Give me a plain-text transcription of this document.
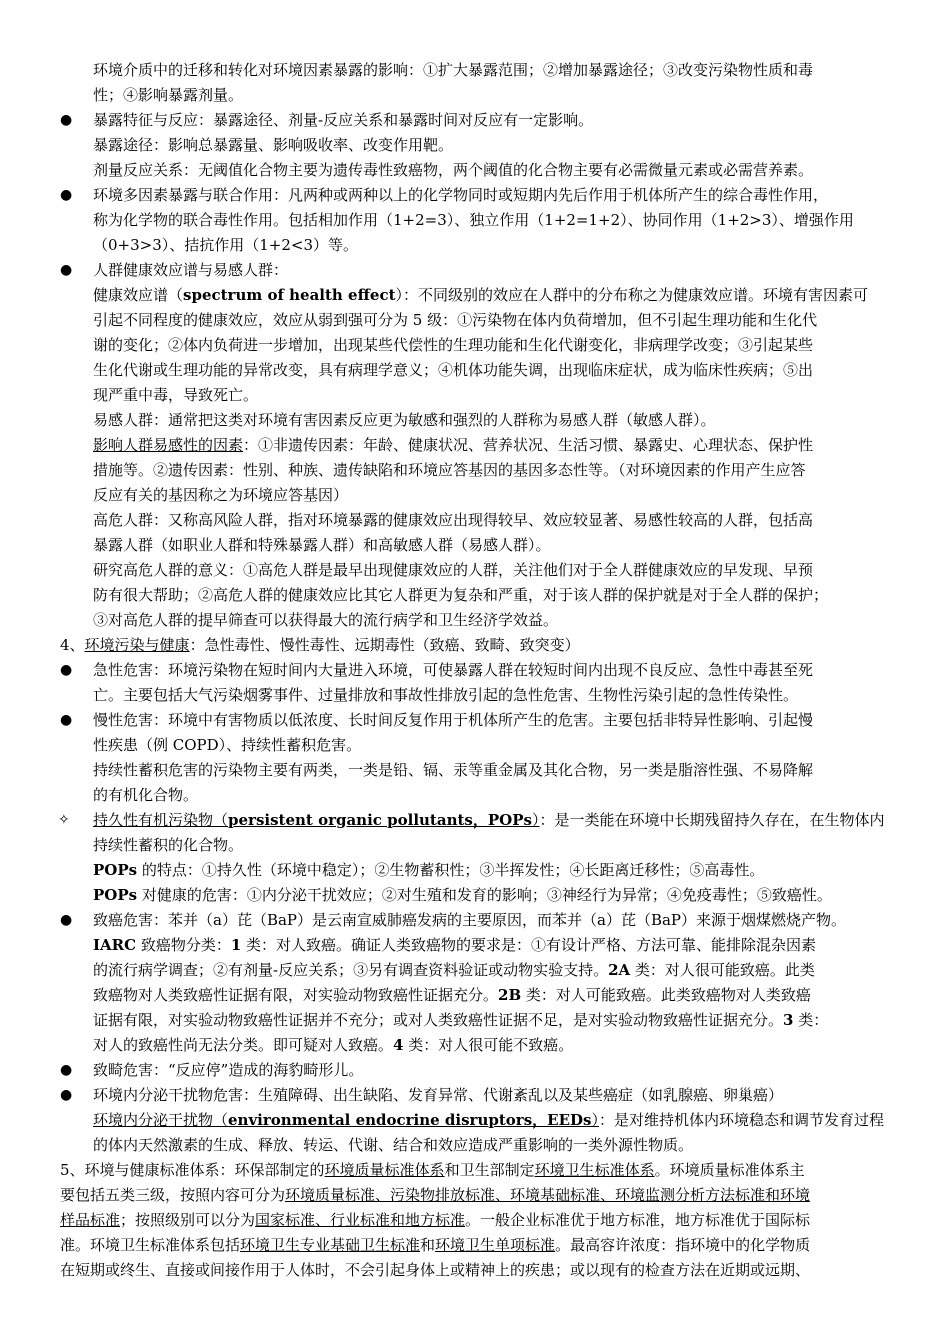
环境介质中的迁移和转化对环境因素暴露的影响：①扩大暴露范围；②增加暴露途径；③改变污染物性质和毒
性；④影响暴露剂量。
● 暴露特征与反应：暴露途径、剂量-反应关系和暴露时间对反应有一定影响。
暴露途径：影响总暴露量、影响吸收率、改变作用靶。
剂量反应关系：无阈值化合物主要为遗传毒性致癌物，两个阈值的化合物主要有必需微量元素或必需营养素。
● 环境多因素暴露与联合作用：凡两种或两种以上的化学物同时或短期内先后作用于机体所产生的综合毒性作用，
称为化学物的联合毒性作用。包括相加作用（1+2=3）、独立作用（1+2=1+2）、协同作用（1+2>3）、增强作用
（0+3>3）、拮抗作用（1+2<3）等。
● 人群健康效应谱与易感人群：
健康效应谱（spectrum of health effect）：不同级别的效应在人群中的分布称之为健康效应谱。环境有害因素可
引起不同程度的健康效应，效应从弱到强可分为 5 级：①污染物在体内负荷增加，但不引起生理功能和生化代
谢的变化；②体内负荷进一步增加，出现某些代偿性的生理功能和生化代谢变化，非病理学改变；③引起某些
生化代谢或生理功能的异常改变，具有病理学意义；④机体功能失调，出现临床症状，成为临床性疾病；⑤出
现严重中毒，导致死亡。
易感人群：通常把这类对环境有害因素反应更为敏感和强烈的人群称为易感人群（敏感人群）。
影响人群易感性的因素：①非遗传因素：年龄、健康状况、营养状况、生活习惯、暴露史、心理状态、保护性
措施等。②遗传因素：性别、种族、遗传缺陷和环境应答基因的基因多态性等。（对环境因素的作用产生应答
反应有关的基因称之为环境应答基因）
高危人群：又称高风险人群，指对环境暴露的健康效应出现得较早、效应较显著、易感性较高的人群，包括高
暴露人群（如职业人群和特殊暴露人群）和高敏感人群（易感人群）。
研究高危人群的意义：①高危人群是最早出现健康效应的人群，关注他们对于全人群健康效应的早发现、早预
防有很大帮助；②高危人群的健康效应比其它人群更为复杂和严重，对于该人群的保护就是对于全人群的保护；
③对高危人群的提早筛查可以获得最大的流行病学和卫生经济学效益。
4、环境污染与健康：急性毒性、慢性毒性、远期毒性（致癌、致畸、致突变）
● 急性危害：环境污染物在短时间内大量进入环境，可使暴露人群在较短时间内出现不良反应、急性中毒甚至死
亡。主要包括大气污染烟雾事件、过量排放和事故性排放引起的急性危害、生物性污染引起的急性传染性。
● 慢性危害：环境中有害物质以低浓度、长时间反复作用于机体所产生的危害。主要包括非特异性影响、引起慢
性疾患（例 COPD）、持续性蓄积危害。
持续性蓄积危害的污染物主要有两类，一类是铅、镉、汞等重金属及其化合物，另一类是脂溶性强、不易降解
的有机化合物。
✧ 持久性有机污染物（persistent organic pollutants，POPs）：是一类能在环境中长期残留持久存在，在生物体内
持续性蓄积的化合物。
POPs 的特点：①持久性（环境中稳定）；②生物蓄积性；③半挥发性；④长距离迁移性；⑤高毒性。
POPs 对健康的危害：①内分泌干扰效应；②对生殖和发育的影响；③神经行为异常；④免疫毒性；⑤致癌性。
● 致癌危害：苯并（a）芘（BaP）是云南宣威肺癌发病的主要原因，而苯并（a）芘（BaP）来源于烟煤燃烧产物。
IARC 致癌物分类：1 类：对人致癌。确证人类致癌物的要求是：①有设计严格、方法可靠、能排除混杂因素
的流行病学调查；②有剂量-反应关系；③另有调查资料验证或动物实验支持。2A 类：对人很可能致癌。此类
致癌物对人类致癌性证据有限，对实验动物致癌性证据充分。2B 类：对人可能致癌。此类致癌物对人类致癌
证据有限，对实验动物致癌性证据并不充分；或对人类致癌性证据不足，是对实验动物致癌性证据充分。3 类：
对人的致癌性尚无法分类。即可疑对人致癌。4 类：对人很可能不致癌。
● 致畸危害：“反应停”造成的海豹畸形儿。
● 环境内分泌干扰物危害：生殖障碍、出生缺陷、发育异常、代谢紊乱以及某些癌症（如乳腺癌、卵巢癌）
环境内分泌干扰物（environmental endocrine disruptors，EEDs）：是对维持机体内环境稳态和调节发育过程
的体内天然激素的生成、释放、转运、代谢、结合和效应造成严重影响的一类外源性物质。
5、环境与健康标准体系：环保部制定的环境质量标准体系和卫生部制定环境卫生标准体系。环境质量标准体系主
要包括五类三级，按照内容可分为环境质量标准、污染物排放标准、环境基础标准、环境监测分析方法标准和环境
样品标准；按照级别可以分为国家标准、行业标准和地方标准。一般企业标准优于地方标准，地方标准优于国际标
准。环境卫生标准体系包括环境卫生专业基础卫生标准和环境卫生单项标准。最高容许浓度：指环境中的化学物质
在短期或终生、直接或间接作用于人体时，不会引起身体上或精神上的疾患；或以现有的检查方法在近期或远期、
